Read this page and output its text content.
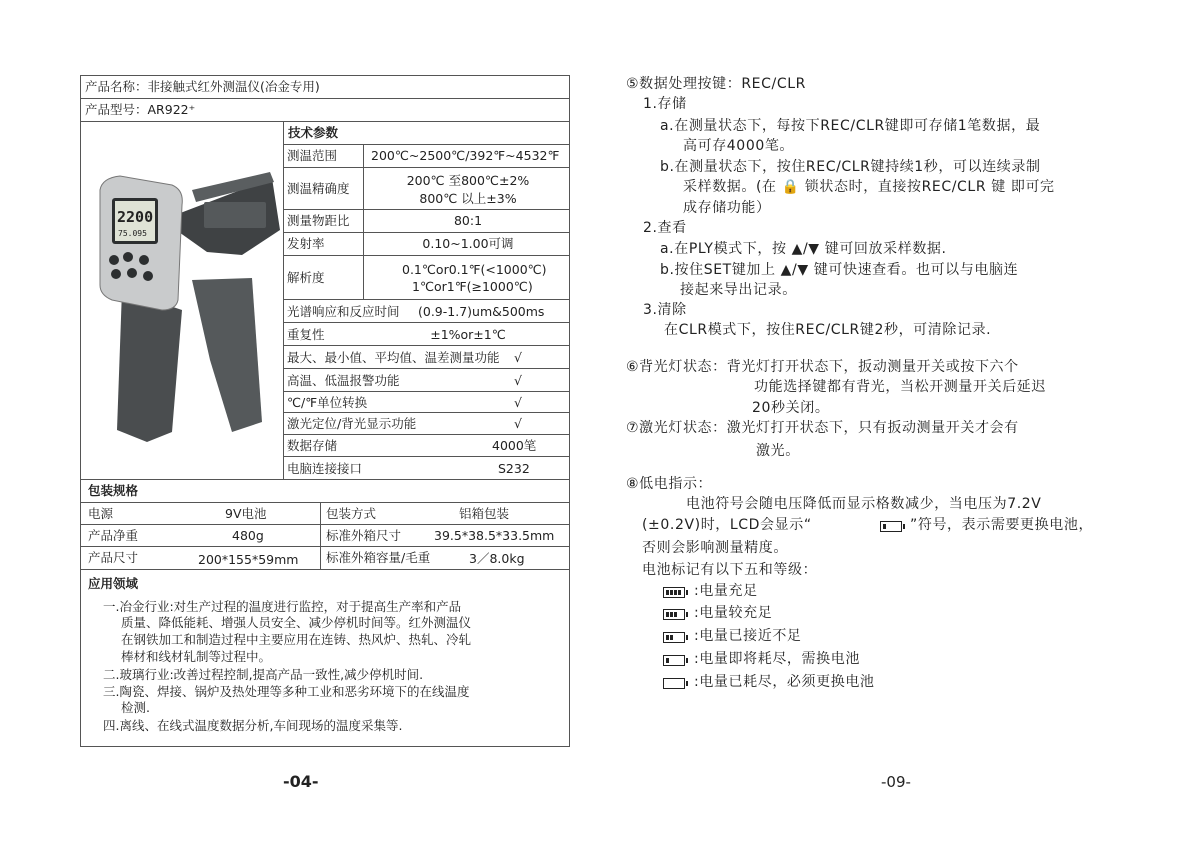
产品名称：非接触式红外测温仪(冶金专用)
产品型号：AR922⁺
技术参数
2200
75.095
测温范围	200℃~2500℃/392℉~4532℉
测温精确度
200℃ 至800℃±2%
800℃ 以上±3%
测量物距比	80:1
发射率	0.10~1.00可调
解析度
0.1℃or0.1℉(<1000℃)
1℃or1℉(≥1000℃)
光谱响应和反应时间 (0.9-1.7)um&500ms
重复性	±1%or±1℃
最大、最小值、平均值、温差测量功能 √
高温、低温报警功能	√
℃/℉单位转换	√
激光定位/背光显示功能	√
数据存储	4000笔
电脑连接接口	S232
包装规格
电源	9V电池	包装方式	铝箱包装
产品净重	480g	标准外箱尺寸	39.5*38.5*33.5mm
产品尺寸	200*155*59mm 标准外箱容量/毛重	3／8.0kg
应用领域
一.冶金行业:对生产过程的温度进行监控，对于提高生产率和产品
质量、降低能耗、增强人员安全、减少停机时间等。红外测温仪
在钢铁加工和制造过程中主要应用在连铸、热风炉、热轧、冷轧
棒材和线材轧制等过程中。
二.玻璃行业:改善过程控制,提高产品一致性,减少停机时间.
三.陶瓷、焊接、锅炉及热处理等多种工业和恶劣环境下的在线温度
检测.
四.离线、在线式温度数据分析,车间现场的温度采集等.
-04-
⑤数据处理按键：REC/CLR
1.存储
a.在测量状态下，每按下REC/CLR键即可存储1笔数据，最
高可存4000笔。
b.在测量状态下，按住REC/CLR键持续1秒，可以连续录制
采样数据。(在 🔒 锁状态时，直接按REC/CLR 键 即可完
成存储功能）
2.查看
a.在PLY模式下，按 ▲/▼ 键可回放采样数据.
b.按住SET键加上 ▲/▼ 键可快速查看。也可以与电脑连
接起来导出记录。
3.清除
在CLR模式下，按住REC/CLR键2秒，可清除记录.
⑥背光灯状态：背光灯打开状态下，扳动测量开关或按下六个
功能选择键都有背光，当松开测量开关后延迟
20秒关闭。
⑦激光灯状态：激光灯打开状态下，只有扳动测量开关才会有
激光。
⑧低电指示：
电池符号会随电压降低而显示格数减少，当电压为7.2V
(±0.2V)时，LCD会显示“	”符号，表示需要更换电池，
否则会影响测量精度。
电池标记有以下五和等级：
:电量充足
:电量较充足
:电量已接近不足
:电量即将耗尽，需换电池
:电量已耗尽，必须更换电池
-09-
